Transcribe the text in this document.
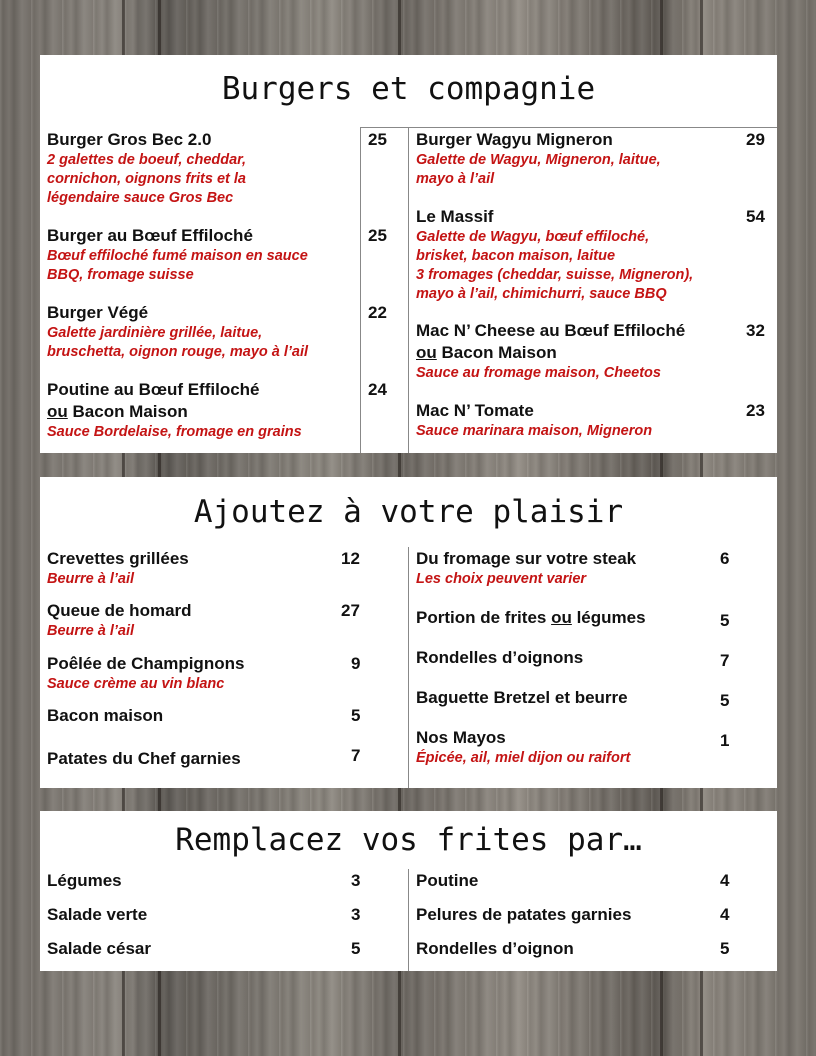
Burgers et compagnie
Burger Gros Bec 2.0
2 galettes de boeuf, cheddar,
cornichon, oignons frits et la
légendaire sauce Gros Bec
25
Burger au Bœuf Effiloché
Bœuf effiloché fumé maison en sauce
BBQ, fromage suisse
25
Burger Végé
Galette jardinière grillée, laitue,
bruschetta, oignon rouge, mayo à l’ail
22
Poutine au Bœuf Effiloché
ou Bacon Maison
Sauce Bordelaise, fromage en grains
24
Burger Wagyu Migneron
Galette de Wagyu, Migneron, laitue,
mayo à l’ail
29
Le Massif
Galette de Wagyu, bœuf effiloché,
brisket, bacon maison, laitue
3 fromages (cheddar, suisse, Migneron),
mayo à l’ail, chimichurri, sauce BBQ
54
Mac N’ Cheese au Bœuf Effiloché
ou Bacon Maison
Sauce au fromage maison, Cheetos
32
Mac N’ Tomate
Sauce marinara maison, Migneron
23
Ajoutez à votre plaisir
Crevettes grillées
Beurre à l’ail
12
Queue de homard
Beurre à l’ail
27
Poêlée de Champignons
Sauce crème au vin blanc
9
Bacon maison	5
Patates du Chef garnies	7
Du fromage sur votre steak
Les choix peuvent varier
6
Portion de frites ou légumes	5
Rondelles d’oignons	7
Baguette Bretzel et beurre	5
Nos Mayos
Épicée, ail, miel dijon ou raifort
1
Remplacez vos frites par…
Légumes	3
Salade verte	3
Salade césar	5
Poutine	4
Pelures de patates garnies	4
Rondelles d’oignon	5
